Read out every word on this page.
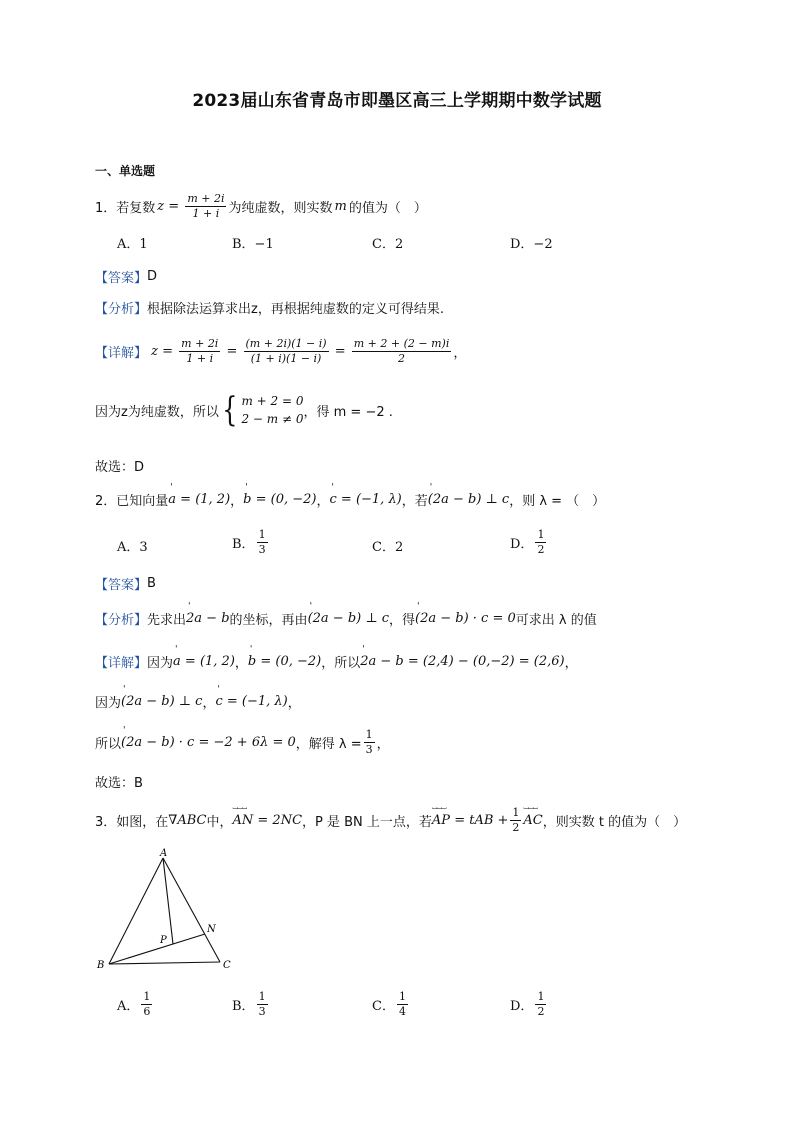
2023届山东省青岛市即墨区高三上学期期中数学试题
一、单选题
1．若复数 $z = \frac{m + 2i}{1 + i}$ 为纯虚数，则实数 m 的值为（　）
A．1	B．−1	C．2	D．−2
【答案】 D
【分析】 根据除法运算求出z，再根据纯虚数的定义可得结果.
【详解】 $z = \frac{m + 2i}{1 + i} = \frac{(m + 2i)(1 - i)}{(1 + i)(1 - i)} = \frac{m + 2 + (2 - m)i}{2}$ ，
因为z为纯虚数，所以 { m + 2 = 0
2 − m ≠ 0 ，得 m = −2 .
故选：D
2．已知向量 ' a = (1, 2) ， ' b = (0, −2) ， ' c = (−1, λ) ，若 ' (2a − b) ⊥ c ，则 λ = （　）
A．3	B． $\frac{1}{3}$	C．2	D． $\frac{1}{2}$
【答案】 B
【分析】 先求出 ' 2a − b 的坐标，再由 ' (2a − b) ⊥ c ，得 ' (2a − b) · c = 0 可求出 λ 的值
【详解】 因为 ' a = (1, 2) ， ' b = (0, −2) ，所以 ' 2a − b = (2,4) − (0,−2) = (2,6) ，
因为 ' (2a − b) ⊥ c ， ' c = (−1, λ) ，
所以 ' (2a − b) · c = −2 + 6λ = 0 ，解得 $\lambda = \frac{1}{3}$ ，
故选：B
3．如图，在 ∇ABC 中， ⌴⌴⌴ AN = 2NC ，P 是 BN 上一点，若 ⌴⌴⌴ AP = tAB + $\frac{1}{2}$ ⌴⌴⌴ AC ，则实数 t 的值为（　）
A
B	C
N
P
A． $\frac{1}{6}$	B． $\frac{1}{3}$	C． $\frac{1}{4}$	D． $\frac{1}{2}$
